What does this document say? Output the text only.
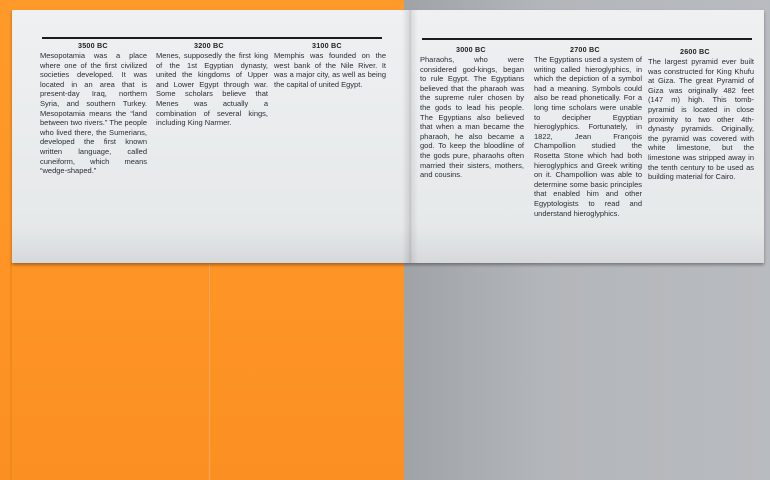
3500 BC

Mesopotamia was a place where one of the first civilized societies developed. It was located in an area that is present-day Iraq, northern Syria, and southern Turkey. Mesopotamia means the “land between two rivers.” The people who lived there, the Sumerians, developed the first known written language, called cuneiform, which means “wedge-shaped.”

3200 BC

Menes, supposedly the first king of the 1st Egyptian dynasty, united the kingdoms of Upper and Lower Egypt through war. Some scholars believe that Menes was actually a combination of several kings, including King Narmer.

3100 BC

Memphis was founded on the west bank of the Nile River. It was a major city, as well as being the capital of united Egypt.

3000 BC

Pharaohs, who were considered god-kings, began to rule Egypt. The Egyptians believed that the pharaoh was the supreme ruler chosen by the gods to lead his people. The Egyptians also believed that when a man became the pharaoh, he also became a god. To keep the bloodline of the gods pure, pharaohs often married their sisters, mothers, and cousins.

2700 BC

The Egyptians used a system of writing called hieroglyphics, in which the depiction of a symbol had a meaning. Symbols could also be read phonetically. For a long time scholars were unable to decipher Egyptian hieroglyphics. Fortunately, in 1822, Jean François Champollion studied the Rosetta Stone which had both hieroglyphics and Greek writing on it. Champollion was able to determine some basic principles that enabled him and other Egyptologists to read and understand hieroglyphics.

2600 BC

The largest pyramid ever built was constructed for King Khufu at Giza. The great Pyramid of Giza was originally 482 feet (147 m) high. This tomb-pyramid is located in close proximity to two other 4th-dynasty pyramids. Originally, the pyramid was covered with white limestone, but the limestone was stripped away in the tenth century to be used as building material for Cairo.
